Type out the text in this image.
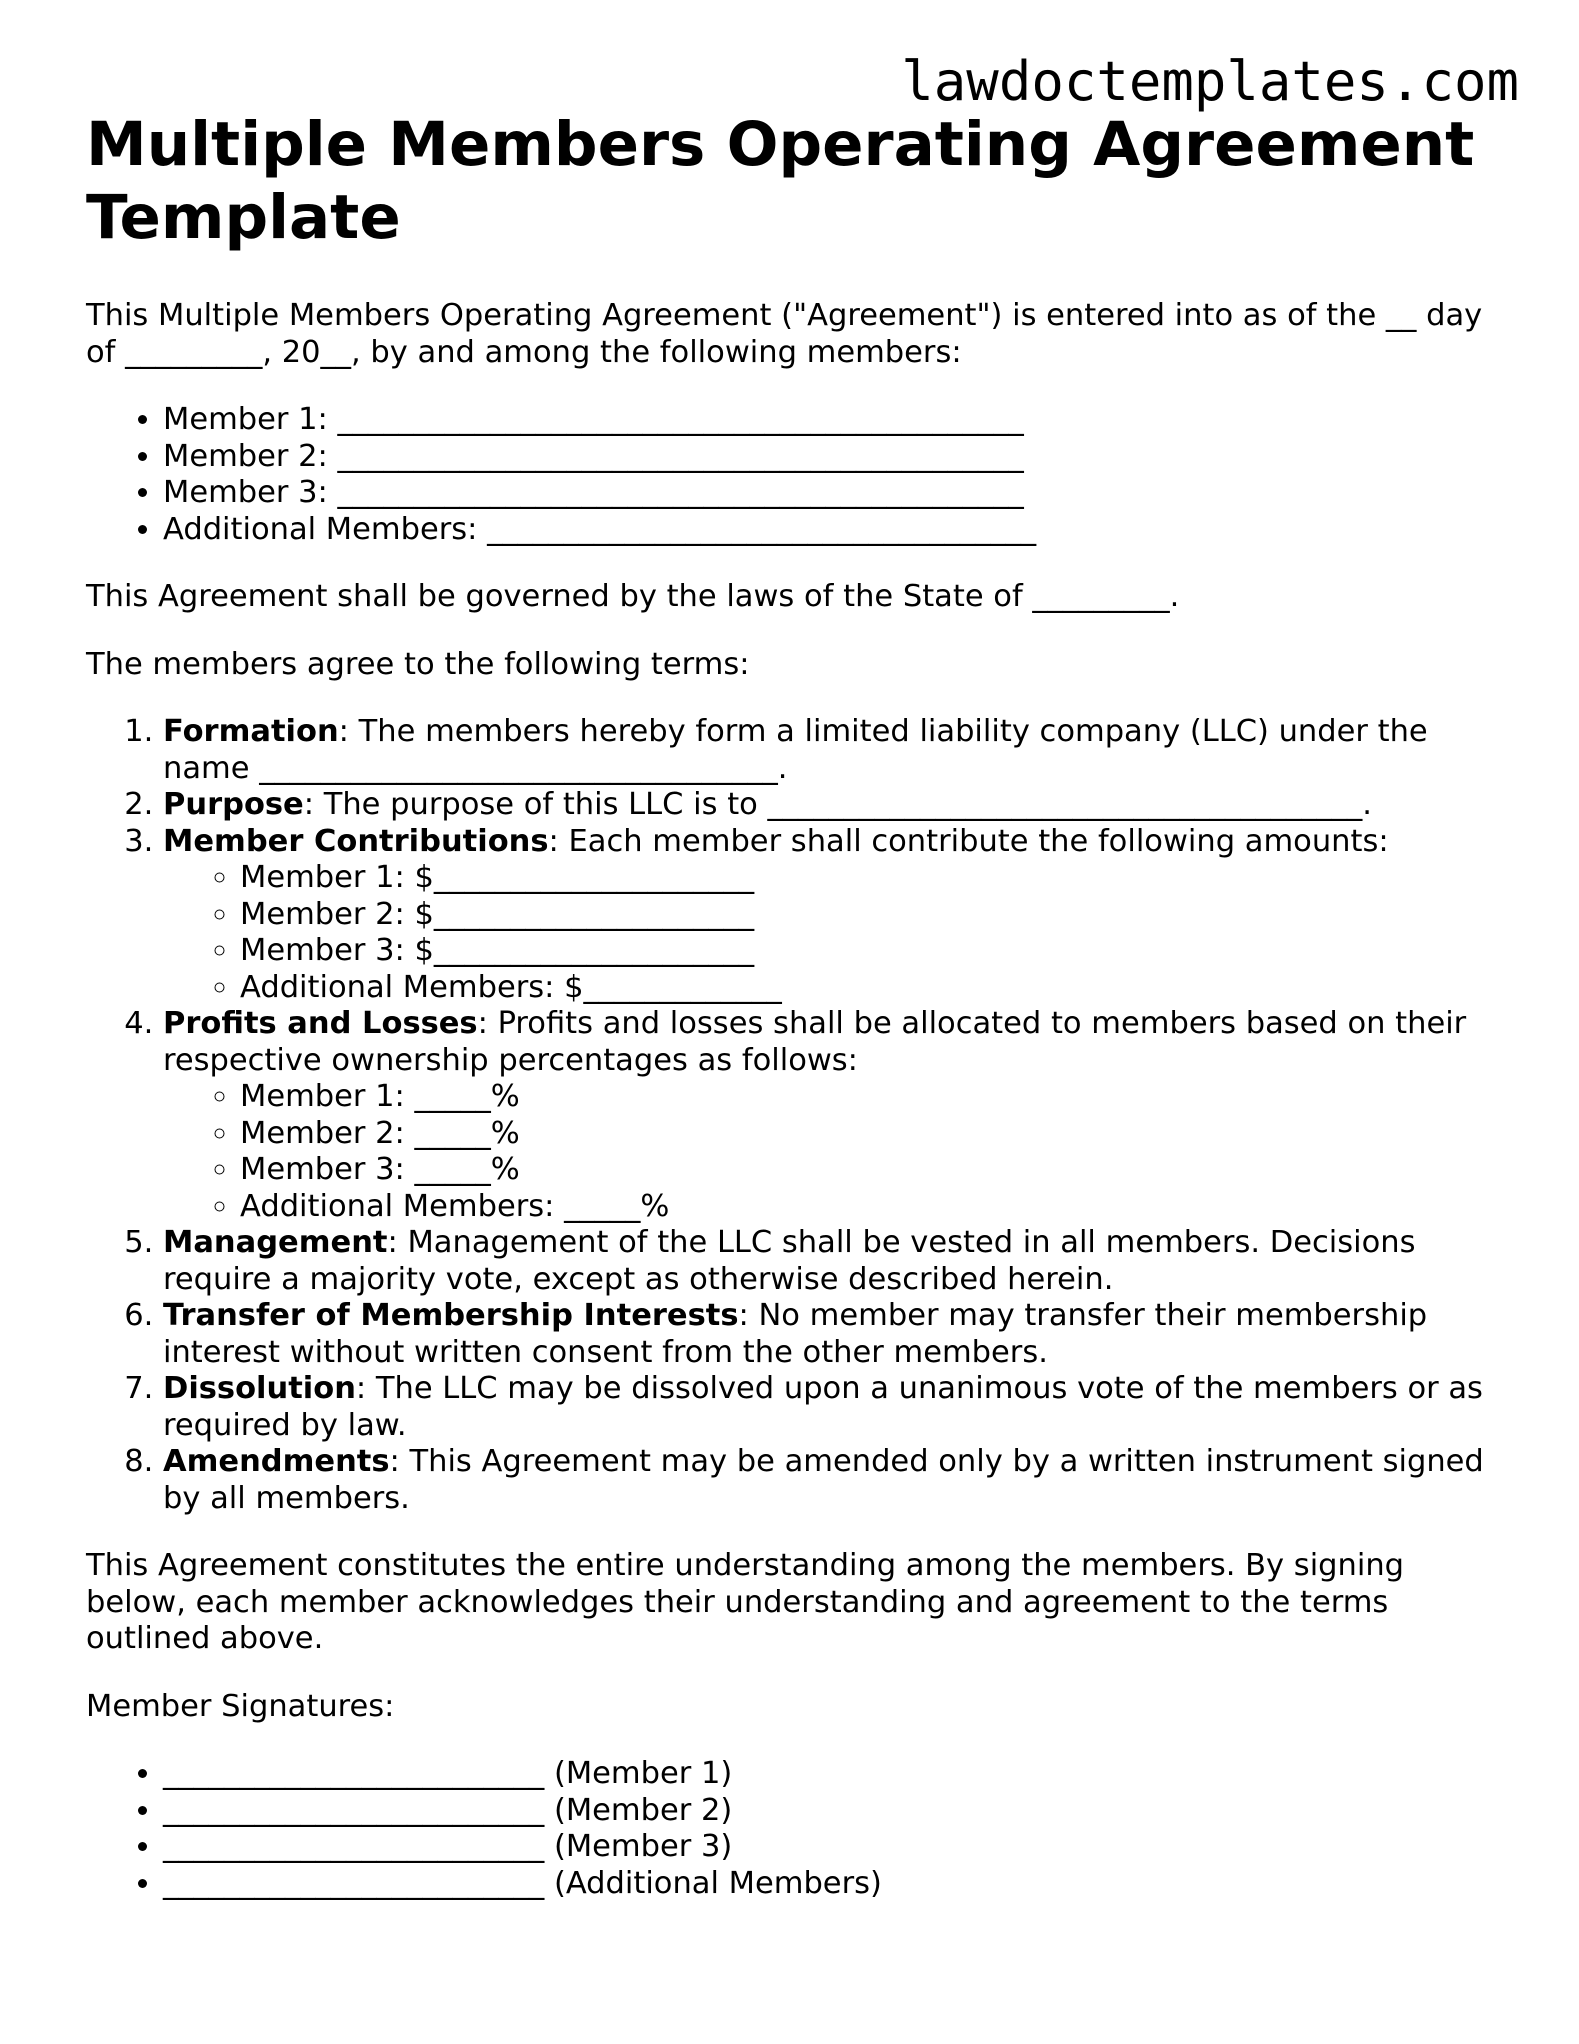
lawdoctemplates.com
Multiple Members Operating Agreement Template

This Multiple Members Operating Agreement ("Agreement") is entered into as of the __ day of _________, 20__, by and among the following members:

• Member 1: _____________________________________________
• Member 2: _____________________________________________
• Member 3: _____________________________________________
• Additional Members: ____________________________________

This Agreement shall be governed by the laws of the State of _________.

The members agree to the following terms:

1. Formation: The members hereby form a limited liability company (LLC) under the name __________________________________.
2. Purpose: The purpose of this LLC is to _______________________________________.
3. Member Contributions: Each member shall contribute the following amounts:
◦ Member 1: $_____________________
◦ Member 2: $_____________________
◦ Member 3: $_____________________
◦ Additional Members: $_____________
4. Profits and Losses: Profits and losses shall be allocated to members based on their respective ownership percentages as follows:
◦ Member 1: _____%
◦ Member 2: _____%
◦ Member 3: _____%
◦ Additional Members: _____%
5. Management: Management of the LLC shall be vested in all members. Decisions require a majority vote, except as otherwise described herein.
6. Transfer of Membership Interests: No member may transfer their membership interest without written consent from the other members.
7. Dissolution: The LLC may be dissolved upon a unanimous vote of the members or as required by law.
8. Amendments: This Agreement may be amended only by a written instrument signed by all members.

This Agreement constitutes the entire understanding among the members. By signing below, each member acknowledges their understanding and agreement to the terms outlined above.

Member Signatures:

• _________________________ (Member 1)
• _________________________ (Member 2)
• _________________________ (Member 3)
• _________________________ (Additional Members)
